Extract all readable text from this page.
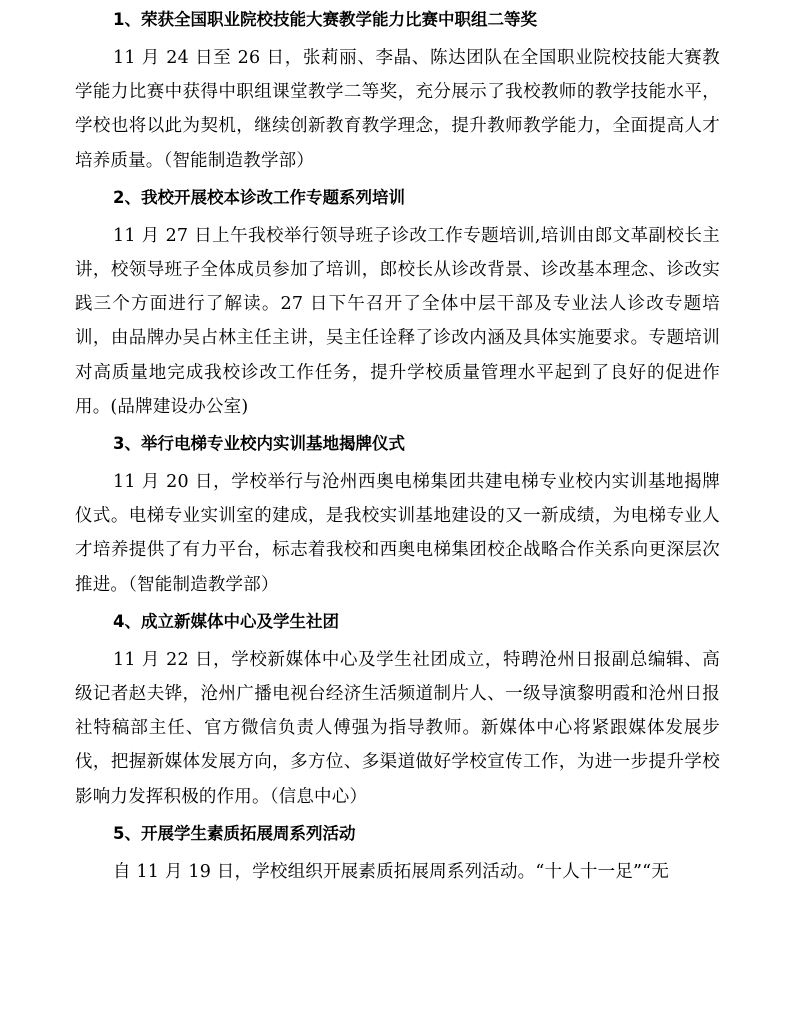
1、荣获全国职业院校技能大赛教学能力比赛中职组二等奖

11 月 24 日至 26 日，张莉丽、李晶、陈达团队在全国职业院校技能大赛教学能力比赛中获得中职组课堂教学二等奖，充分展示了我校教师的教学技能水平，学校也将以此为契机，继续创新教育教学理念，提升教师教学能力，全面提高人才培养质量。（智能制造教学部）

2、我校开展校本诊改工作专题系列培训

11 月 27 日上午我校举行领导班子诊改工作专题培训,培训由郎文革副校长主讲，校领导班子全体成员参加了培训，郎校长从诊改背景、诊改基本理念、诊改实践三个方面进行了解读。27 日下午召开了全体中层干部及专业法人诊改专题培训，由品牌办吴占林主任主讲，吴主任诠释了诊改内涵及具体实施要求。专题培训对高质量地完成我校诊改工作任务，提升学校质量管理水平起到了良好的促进作用。(品牌建设办公室)

3、举行电梯专业校内实训基地揭牌仪式

11 月 20 日，学校举行与沧州西奥电梯集团共建电梯专业校内实训基地揭牌仪式。电梯专业实训室的建成，是我校实训基地建设的又一新成绩，为电梯专业人才培养提供了有力平台，标志着我校和西奥电梯集团校企战略合作关系向更深层次推进。（智能制造教学部）

4、成立新媒体中心及学生社团

11 月 22 日，学校新媒体中心及学生社团成立，特聘沧州日报副总编辑、高级记者赵夫铧，沧州广播电视台经济生活频道制片人、一级导演黎明霞和沧州日报社特稿部主任、官方微信负责人傅强为指导教师。新媒体中心将紧跟媒体发展步伐，把握新媒体发展方向，多方位、多渠道做好学校宣传工作，为进一步提升学校影响力发挥积极的作用。（信息中心）

5、开展学生素质拓展周系列活动

自 11 月 19 日，学校组织开展素质拓展周系列活动。“十人十一足”“无
